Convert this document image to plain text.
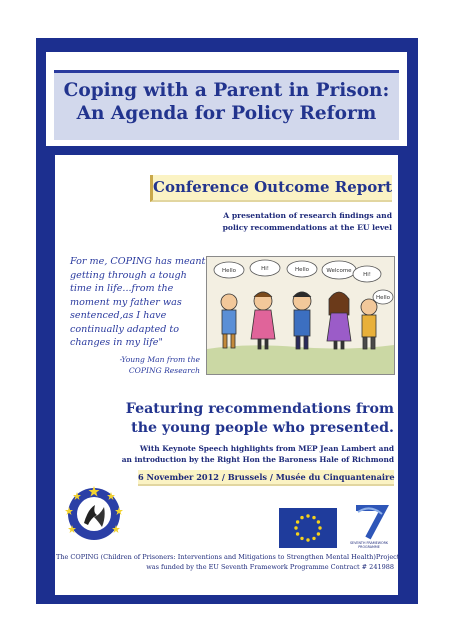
Coping with a Parent in Prison:
An Agenda for Policy Reform
Conference Outcome Report
A presentation of research findings and
policy recommendations at the EU level
For me, COPING has meant getting through a tough time in life...from the moment my father was sentenced,as I have continually adapted to changes in my life"
-Young Man from the
COPING Research
Hello	Hi!	Hello	Welcome
Hi!
Hello
Featuring recommendations from
the young people who presented.
With Keynote Speech highlights from MEP Jean Lambert and
an introduction by the Right Hon the Baroness Hale of Richmond
6 November 2012 / Brussels / Musée du Cinquantenaire
SEVENTH FRAMEWORK
PROGRAMME
The COPING (Children of Prisoners: Interventions and Mitigations to Strengthen Mental Health)Project
was funded by the EU Seventh Framework Programme Contract # 241988
